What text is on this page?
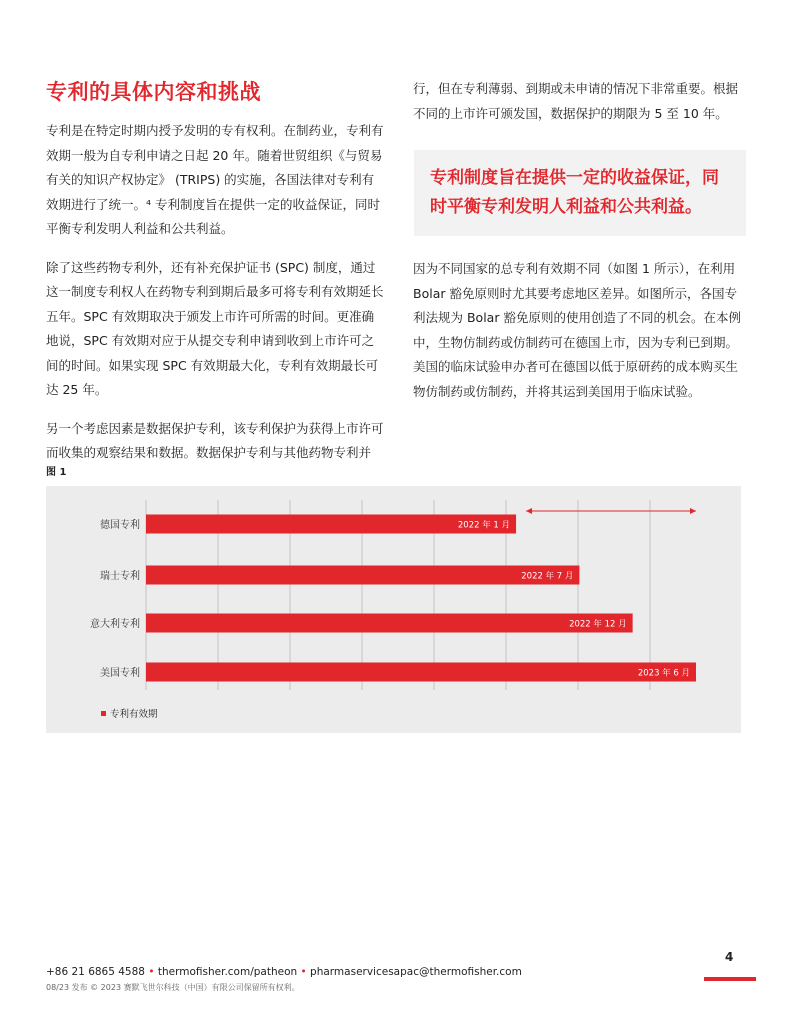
专利的具体内容和挑战

专利是在特定时期内授予发明的专有权利。在制药业，专利有效期一般为自专利申请之日起 20 年。随着世贸组织《与贸易有关的知识产权协定》 (TRIPS) 的实施，各国法律对专利有效期进行了统一。⁴ 专利制度旨在提供一定的收益保证，同时平衡专利发明人利益和公共利益。

除了这些药物专利外，还有补充保护证书 (SPC) 制度，通过这一制度专利权人在药物专利到期后最多可将专利有效期延长五年。SPC 有效期取决于颁发上市许可所需的时间。更准确地说，SPC 有效期对应于从提交专利申请到收到上市许可之间的时间。如果实现 SPC 有效期最大化，专利有效期最长可达 25 年。

另一个考虑因素是数据保护专利，该专利保护为获得上市许可而收集的观察结果和数据。数据保护专利与其他药物专利并

行，但在专利薄弱、到期或未申请的情况下非常重要。根据不同的上市许可颁发国，数据保护的期限为 5 至 10 年。

专利制度旨在提供一定的收益保证，同时平衡专利发明人利益和公共利益。

因为不同国家的总专利有效期不同（如图 1 所示），在利用 Bolar 豁免原则时尤其要考虑地区差异。如图所示，各国专利法规为 Bolar 豁免原则的使用创造了不同的机会。在本例中，生物仿制药或仿制药可在德国上市，因为专利已到期。美国的临床试验申办者可在德国以低于原研药的成本购买生物仿制药或仿制药，并将其运到美国用于临床试验。

图 1
德国专利	2022 年 1 月
瑞士专利	2022 年 7 月
意大利专利	2022 年 12 月
美国专利	2023 年 6 月
专利有效期
+86 21 6865 4588 • thermofisher.com/patheon • pharmaservicesapac@thermofisher.com
08/23 发布 © 2023 赛默飞世尔科技（中国）有限公司保留所有权利。
4
